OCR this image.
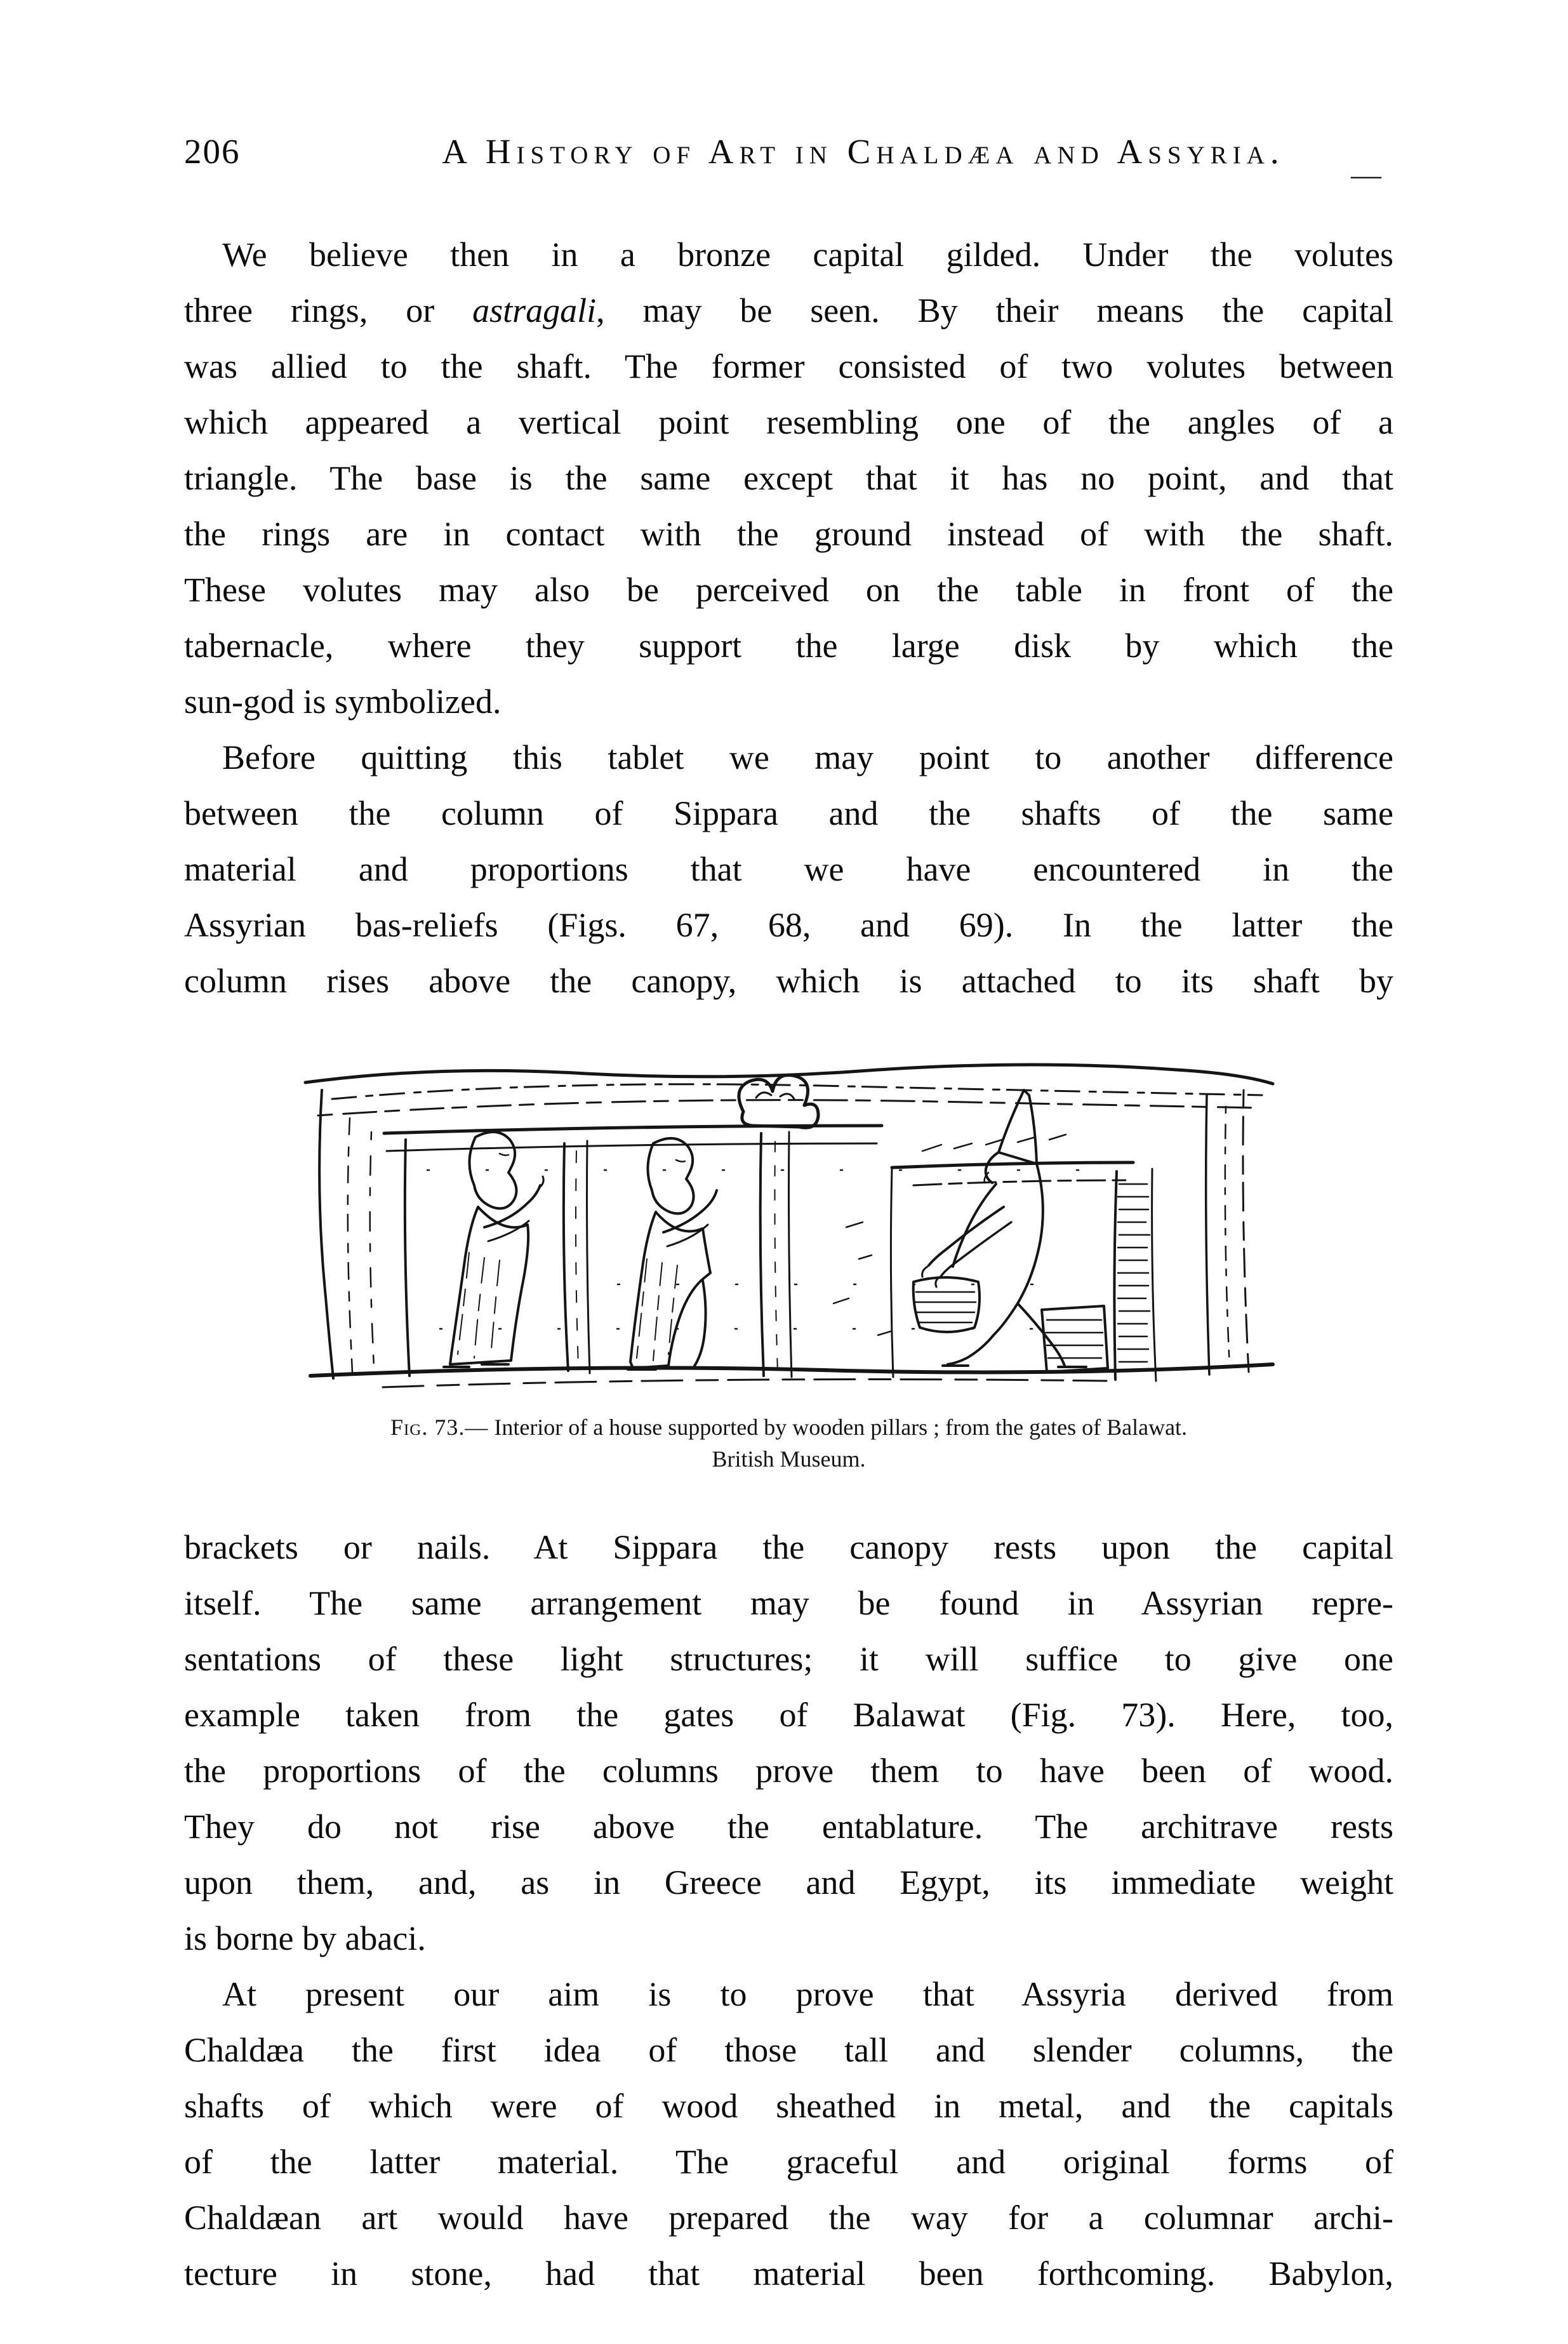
—
206	A History of Art in Chaldæa and Assyria.
We believe then in a bronze capital gilded. Under the volutes
three rings, or astragali, may be seen. By their means the capital
was allied to the shaft. The former consisted of two volutes between
which appeared a vertical point resembling one of the angles of a
triangle. The base is the same except that it has no point, and that
the rings are in contact with the ground instead of with the shaft.
These volutes may also be perceived on the table in front of the
tabernacle, where they support the large disk by which the
sun-god is symbolized.
Before quitting this tablet we may point to another difference
between the column of Sippara and the shafts of the same
material and proportions that we have encountered in the
Assyrian bas-reliefs (Figs. 67, 68, and 69). In the latter the
column rises above the canopy, which is attached to its shaft by
Fig. 73.— Interior of a house supported by wooden pillars ; from the gates of Balawat.
British Museum.
brackets or nails. At Sippara the canopy rests upon the capital
itself. The same arrangement may be found in Assyrian repre-
sentations of these light structures; it will suffice to give one
example taken from the gates of Balawat (Fig. 73). Here, too,
the proportions of the columns prove them to have been of wood.
They do not rise above the entablature. The architrave rests
upon them, and, as in Greece and Egypt, its immediate weight
is borne by abaci.
At present our aim is to prove that Assyria derived from
Chaldæa the first idea of those tall and slender columns, the
shafts of which were of wood sheathed in metal, and the capitals
of the latter material. The graceful and original forms of
Chaldæan art would have prepared the way for a columnar archi-
tecture in stone, had that material been forthcoming. Babylon,
